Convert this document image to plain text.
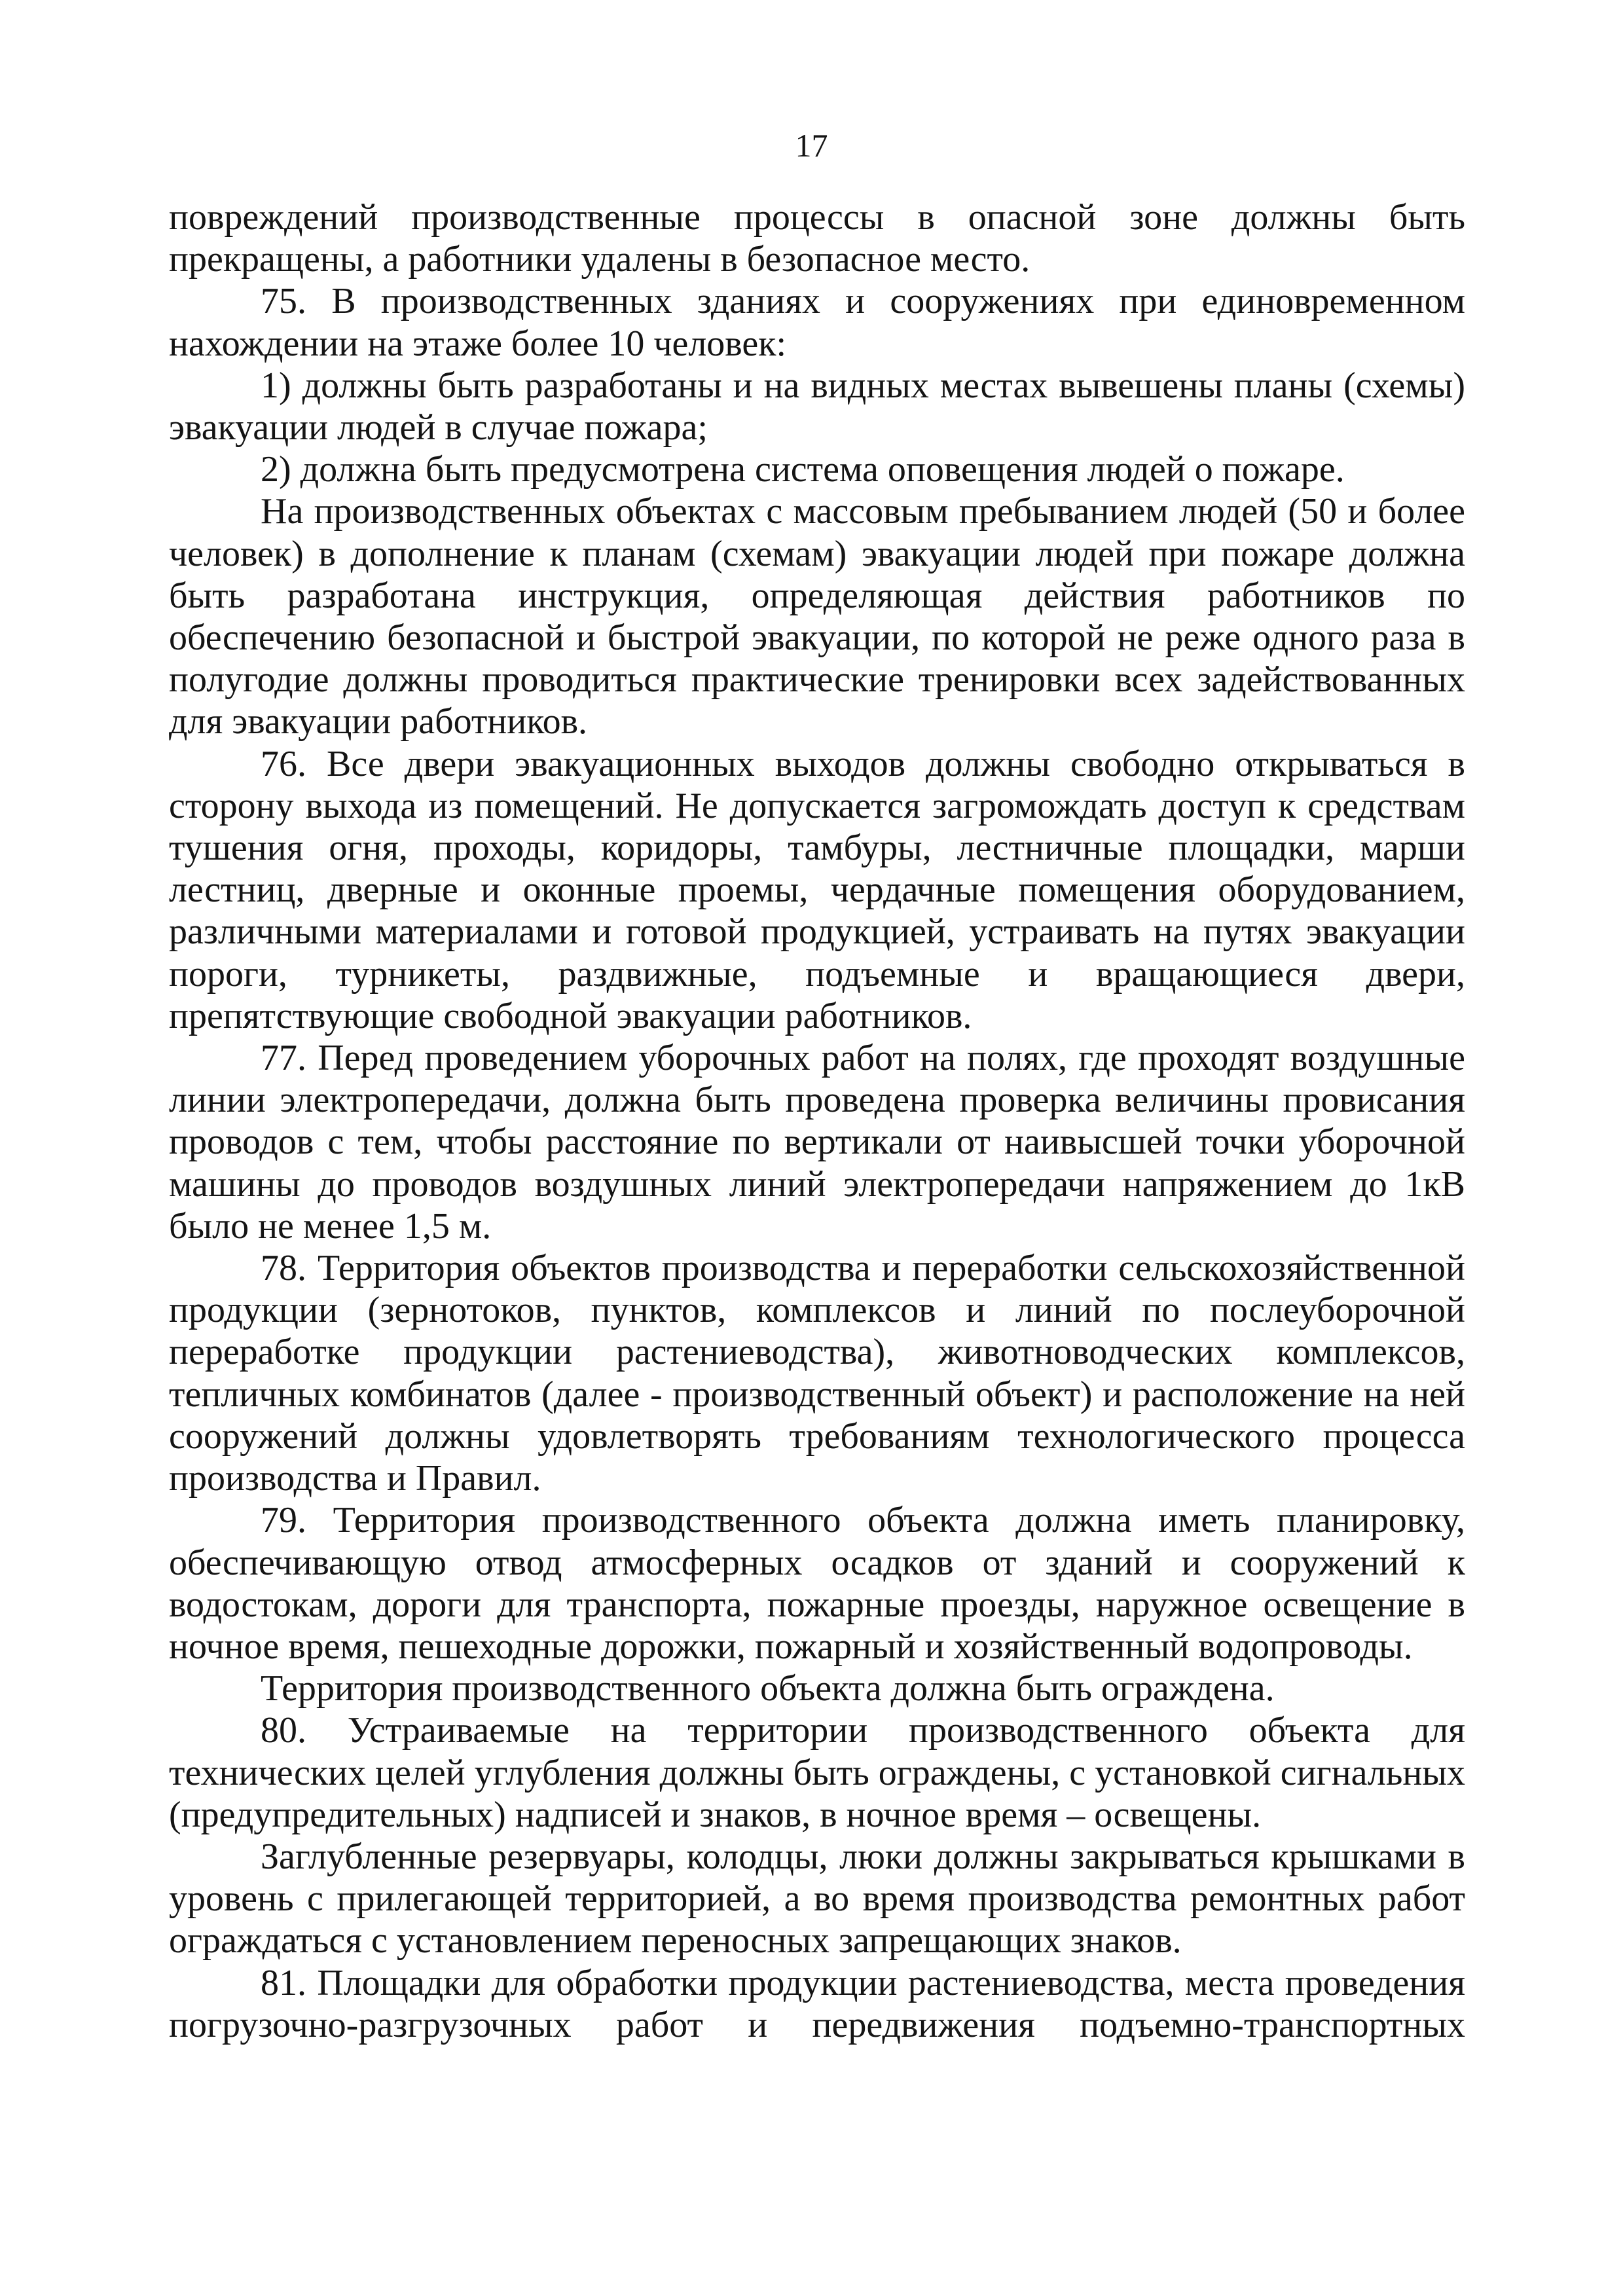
17

повреждений производственные процессы в опасной зоне должны быть прекращены, а работники удалены в безопасное место.

75. В производственных зданиях и сооружениях при единовременном нахождении на этаже более 10 человек:

1) должны быть разработаны и на видных местах вывешены планы (схемы) эвакуации людей в случае пожара;

2) должна быть предусмотрена система оповещения людей о пожаре.

На производственных объектах с массовым пребыванием людей (50 и более человек) в дополнение к планам (схемам) эвакуации людей при пожаре должна быть разработана инструкция, определяющая действия работников по обеспечению безопасной и быстрой эвакуации, по которой не реже одного раза в полугодие должны проводиться практические тренировки всех задействованных для эвакуации работников.

76. Все двери эвакуационных выходов должны свободно открываться в сторону выхода из помещений. Не допускается загромождать доступ к средствам тушения огня, проходы, коридоры, тамбуры, лестничные площадки, марши лестниц, дверные и оконные проемы, чердачные помещения оборудованием, различными материалами и готовой продукцией, устраивать на путях эвакуации пороги, турникеты, раздвижные, подъемные и вращающиеся двери, препятствующие свободной эвакуации работников.

77. Перед проведением уборочных работ на полях, где проходят воздушные линии электропередачи, должна быть проведена проверка величины провисания проводов с тем, чтобы расстояние по вертикали от наивысшей точки уборочной машины до проводов воздушных линий электропередачи напряжением до 1кВ было не менее 1,5 м.

78. Территория объектов производства и переработки сельскохозяйственной продукции (зернотоков, пунктов, комплексов и линий по послеуборочной переработке продукции растениеводства), животноводческих комплексов, тепличных комбинатов (далее - производственный объект) и расположение на ней сооружений должны удовлетворять требованиям технологического процесса производства и Правил.

79. Территория производственного объекта должна иметь планировку, обеспечивающую отвод атмосферных осадков от зданий и сооружений к водостокам, дороги для транспорта, пожарные проезды, наружное освещение в ночное время, пешеходные дорожки, пожарный и хозяйственный водопроводы.

Территория производственного объекта должна быть ограждена.

80. Устраиваемые на территории производственного объекта для технических целей углубления должны быть ограждены, с установкой сигнальных (предупредительных) надписей и знаков, в ночное время – освещены.

Заглубленные резервуары, колодцы, люки должны закрываться крышками в уровень с прилегающей территорией, а во время производства ремонтных работ ограждаться с установлением переносных запрещающих знаков.

81. Площадки для обработки продукции растениеводства, места проведения погрузочно-разгрузочных работ и передвижения подъемно-транспортных
